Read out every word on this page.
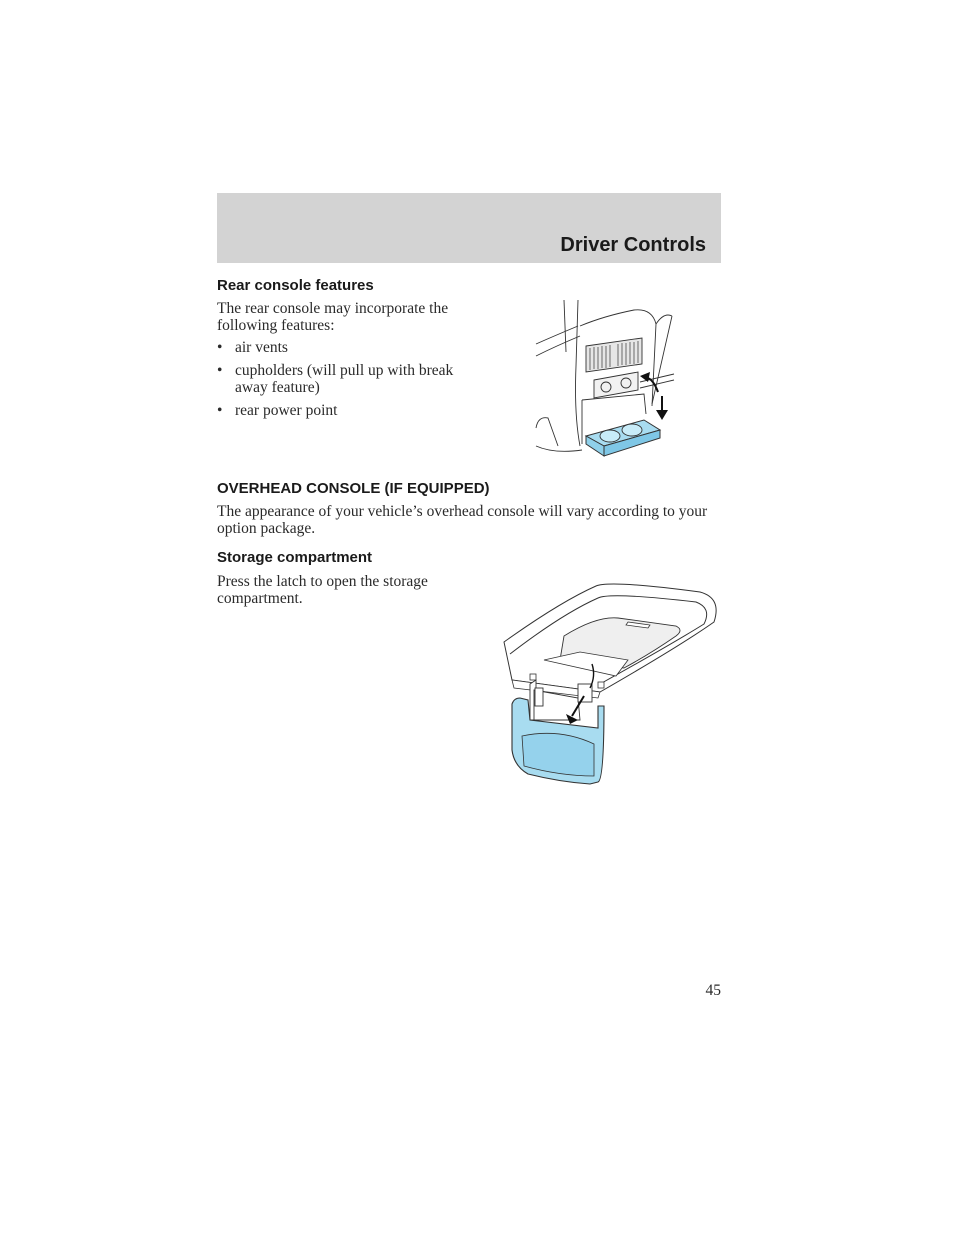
Driver Controls
Rear console features

The rear console may incorporate the following features:

• air vents
• cupholders (will pull up with break away feature)
• rear power point
OVERHEAD CONSOLE (IF EQUIPPED)

The appearance of your vehicle’s overhead console will vary according to your option package.

Storage compartment

Press the latch to open the storage compartment.

45
